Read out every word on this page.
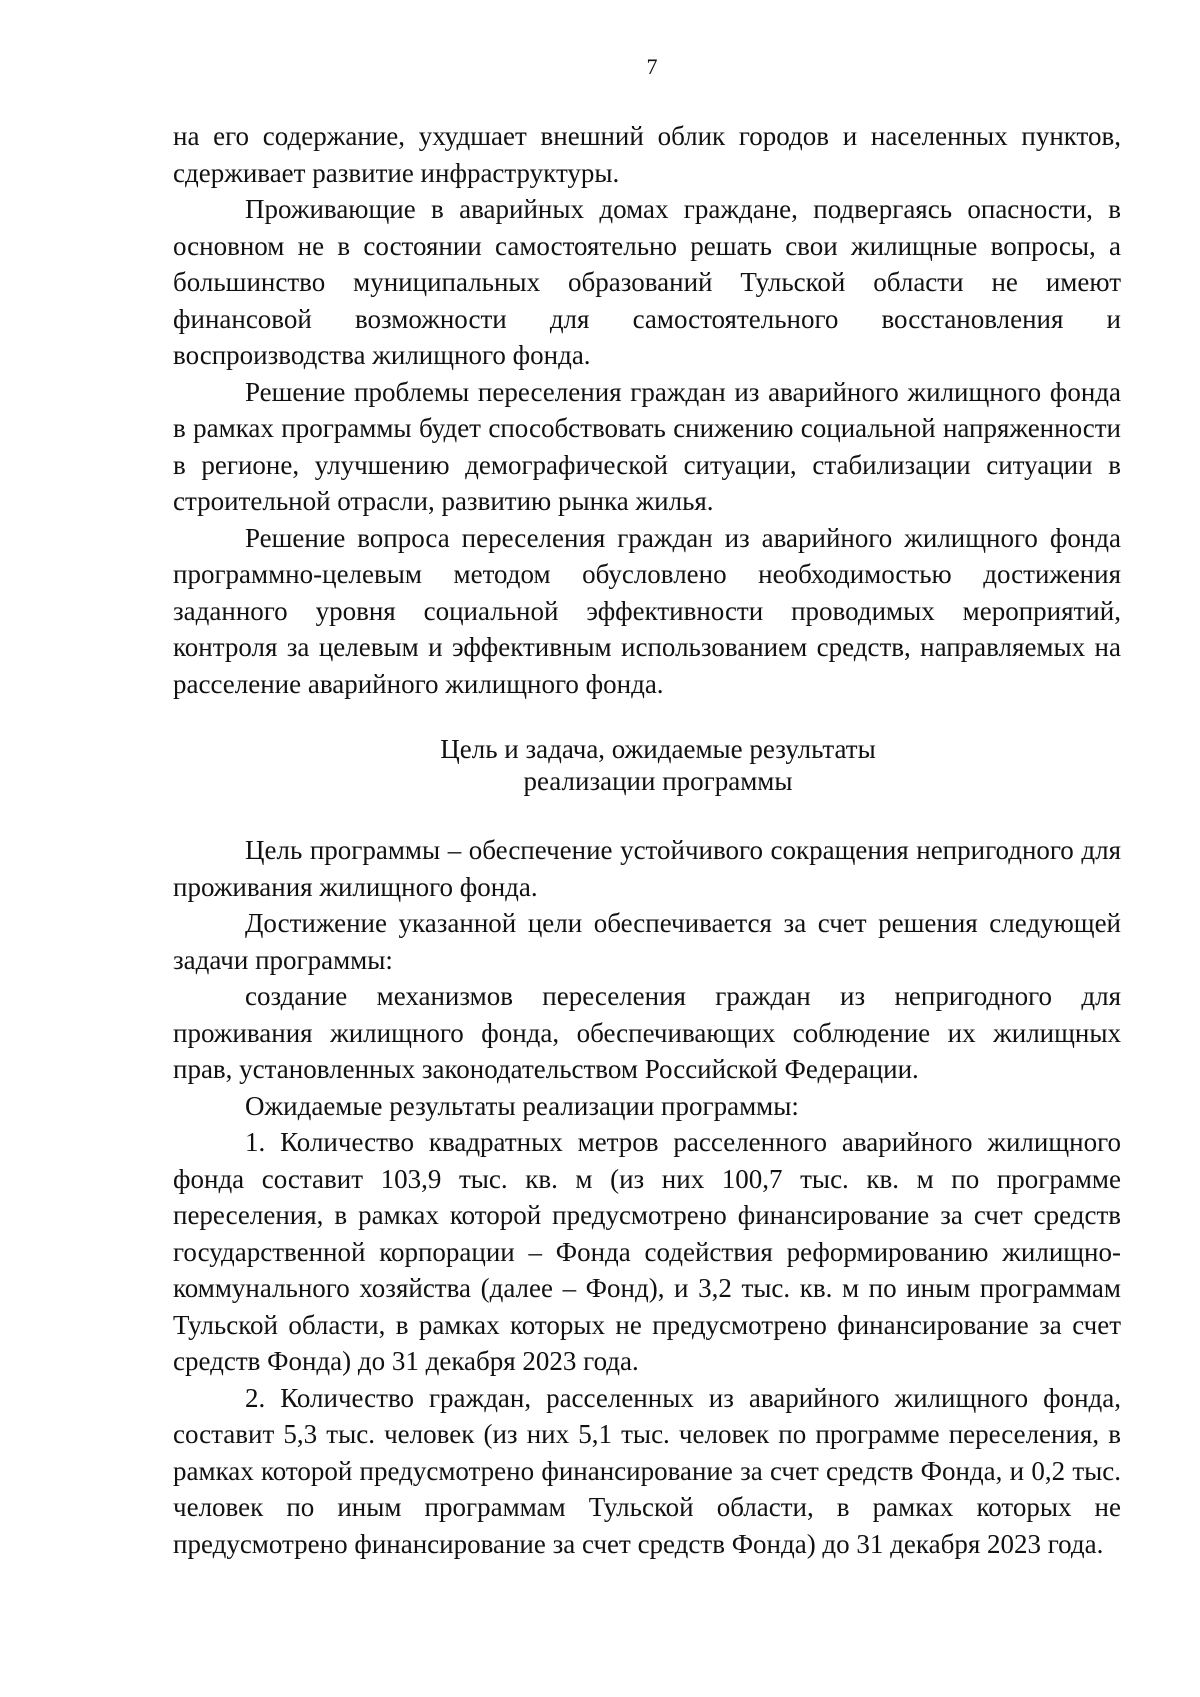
7

на его содержание, ухудшает внешний облик городов и населенных пунктов, сдерживает развитие инфраструктуры.

Проживающие в аварийных домах граждане, подвергаясь опасности, в основном не в состоянии самостоятельно решать свои жилищные вопросы, а большинство муниципальных образований Тульской области не имеют финансовой возможности для самостоятельного восстановления и воспроизводства жилищного фонда.

Решение проблемы переселения граждан из аварийного жилищного фонда в рамках программы будет способствовать снижению социальной напряженности в регионе, улучшению демографической ситуации, стабилизации ситуации в строительной отрасли, развитию рынка жилья.

Решение вопроса переселения граждан из аварийного жилищного фонда программно-целевым методом обусловлено необходимостью достижения заданного уровня социальной эффективности проводимых мероприятий, контроля за целевым и эффективным использованием средств, направляемых на расселение аварийного жилищного фонда.

Цель и задача, ожидаемые результаты
реализации программы

Цель программы – обеспечение устойчивого сокращения непригодного для проживания жилищного фонда.

Достижение указанной цели обеспечивается за счет решения следующей задачи программы:

создание механизмов переселения граждан из непригодного для проживания жилищного фонда, обеспечивающих соблюдение их жилищных прав, установленных законодательством Российской Федерации.

Ожидаемые результаты реализации программы:

1. Количество квадратных метров расселенного аварийного жилищного фонда составит 103,9 тыс. кв. м (из них 100,7 тыс. кв. м по программе переселения, в рамках которой предусмотрено финансирование за счет средств государственной корпорации – Фонда содействия реформированию жилищно-коммунального хозяйства (далее – Фонд), и 3,2 тыс. кв. м по иным программам Тульской области, в рамках которых не предусмотрено финансирование за счет средств Фонда) до 31 декабря 2023 года.

2. Количество граждан, расселенных из аварийного жилищного фонда, составит 5,3 тыс. человек (из них 5,1 тыс. человек по программе переселения, в рамках которой предусмотрено финансирование за счет средств Фонда, и 0,2 тыс. человек по иным программам Тульской области, в рамках которых не предусмотрено финансирование за счет средств Фонда) до 31 декабря 2023 года.
